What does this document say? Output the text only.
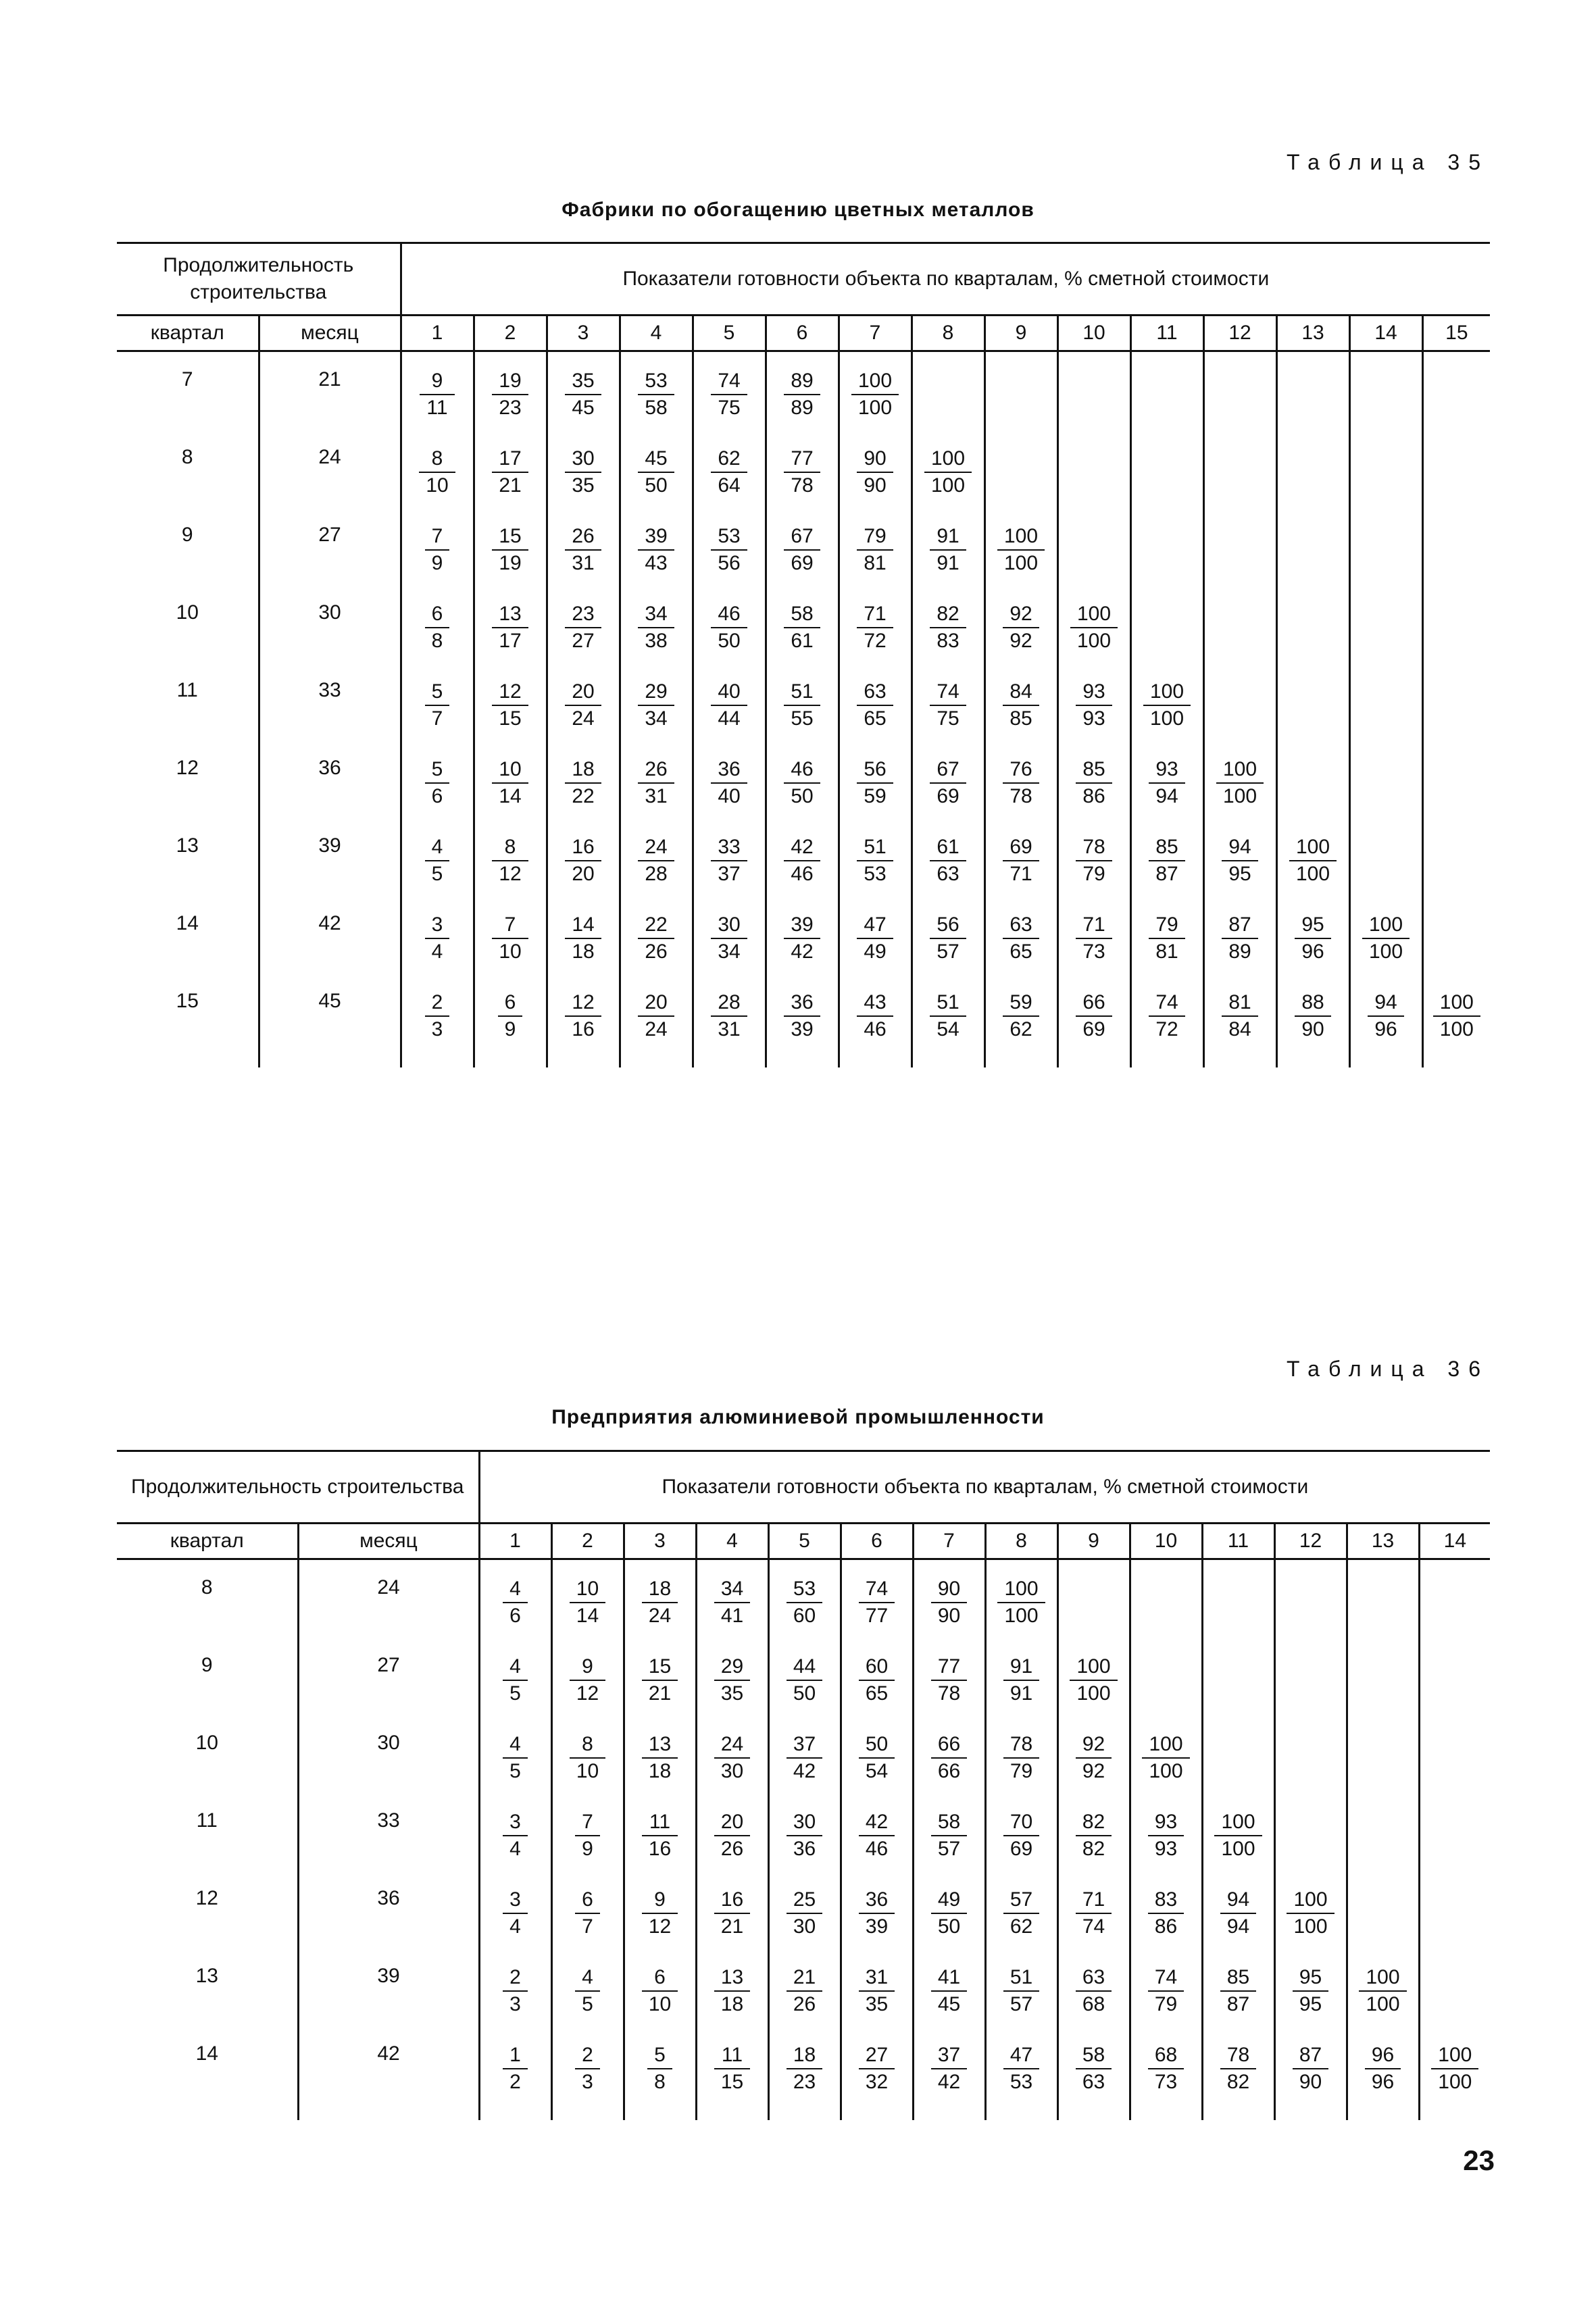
Таблица 35
Фабрики по обогащению цветных металлов
Продолжительность строительства		Показатели готовности объекта по кварталам, % сметной стоимости														
квартал	месяц	1	2	3	4	5	6	7	8	9	10	11	12	13	14	15

7	21	$\frac{9}{11}$	$\frac{19}{23}$	$\frac{35}{45}$	$\frac{53}{58}$	$\frac{74}{75}$	$\frac{89}{89}$	$\frac{100}{100}$

8	24	$\frac{8}{10}$	$\frac{17}{21}$	$\frac{30}{35}$	$\frac{45}{50}$	$\frac{62}{64}$	$\frac{77}{78}$	$\frac{90}{90}$	$\frac{100}{100}$

9	27	$\frac{7}{9}$	$\frac{15}{19}$	$\frac{26}{31}$	$\frac{39}{43}$	$\frac{53}{56}$	$\frac{67}{69}$	$\frac{79}{81}$	$\frac{91}{91}$	$\frac{100}{100}$

10	30	$\frac{6}{8}$	$\frac{13}{17}$	$\frac{23}{27}$	$\frac{34}{38}$	$\frac{46}{50}$	$\frac{58}{61}$	$\frac{71}{72}$	$\frac{82}{83}$	$\frac{92}{92}$	$\frac{100}{100}$

11	33	$\frac{5}{7}$	$\frac{12}{15}$	$\frac{20}{24}$	$\frac{29}{34}$	$\frac{40}{44}$	$\frac{51}{55}$	$\frac{63}{65}$	$\frac{74}{75}$	$\frac{84}{85}$	$\frac{93}{93}$	$\frac{100}{100}$

12	36	$\frac{5}{6}$	$\frac{10}{14}$	$\frac{18}{22}$	$\frac{26}{31}$	$\frac{36}{40}$	$\frac{46}{50}$	$\frac{56}{59}$	$\frac{67}{69}$	$\frac{76}{78}$	$\frac{85}{86}$	$\frac{93}{94}$	$\frac{100}{100}$

13	39	$\frac{4}{5}$	$\frac{8}{12}$	$\frac{16}{20}$	$\frac{24}{28}$	$\frac{33}{37}$	$\frac{42}{46}$	$\frac{51}{53}$	$\frac{61}{63}$	$\frac{69}{71}$	$\frac{78}{79}$	$\frac{85}{87}$	$\frac{94}{95}$	$\frac{100}{100}$

14	42	$\frac{3}{4}$	$\frac{7}{10}$	$\frac{14}{18}$	$\frac{22}{26}$	$\frac{30}{34}$	$\frac{39}{42}$	$\frac{47}{49}$	$\frac{56}{57}$	$\frac{63}{65}$	$\frac{71}{73}$	$\frac{79}{81}$	$\frac{87}{89}$	$\frac{95}{96}$	$\frac{100}{100}$

15	45	$\frac{2}{3}$	$\frac{6}{9}$	$\frac{12}{16}$	$\frac{20}{24}$	$\frac{28}{31}$	$\frac{36}{39}$	$\frac{43}{46}$	$\frac{51}{54}$	$\frac{59}{62}$	$\frac{66}{69}$	$\frac{74}{72}$	$\frac{81}{84}$	$\frac{88}{90}$	$\frac{94}{96}$	$\frac{100}{100}$
Таблица 36
Предприятия алюминиевой промышленности
Продолжительность строительства		Показатели готовности объекта по кварталам, % сметной стоимости													
квартал	месяц	1	2	3	4	5	6	7	8	9	10	11	12	13	14

8	24	$\frac{4}{6}$	$\frac{10}{14}$	$\frac{18}{24}$	$\frac{34}{41}$	$\frac{53}{60}$	$\frac{74}{77}$	$\frac{90}{90}$	$\frac{100}{100}$

9	27	$\frac{4}{5}$	$\frac{9}{12}$	$\frac{15}{21}$	$\frac{29}{35}$	$\frac{44}{50}$	$\frac{60}{65}$	$\frac{77}{78}$	$\frac{91}{91}$	$\frac{100}{100}$

10	30	$\frac{4}{5}$	$\frac{8}{10}$	$\frac{13}{18}$	$\frac{24}{30}$	$\frac{37}{42}$	$\frac{50}{54}$	$\frac{66}{66}$	$\frac{78}{79}$	$\frac{92}{92}$	$\frac{100}{100}$

11	33	$\frac{3}{4}$	$\frac{7}{9}$	$\frac{11}{16}$	$\frac{20}{26}$	$\frac{30}{36}$	$\frac{42}{46}$	$\frac{58}{57}$	$\frac{70}{69}$	$\frac{82}{82}$	$\frac{93}{93}$	$\frac{100}{100}$

12	36	$\frac{3}{4}$	$\frac{6}{7}$	$\frac{9}{12}$	$\frac{16}{21}$	$\frac{25}{30}$	$\frac{36}{39}$	$\frac{49}{50}$	$\frac{57}{62}$	$\frac{71}{74}$	$\frac{83}{86}$	$\frac{94}{94}$	$\frac{100}{100}$

13	39	$\frac{2}{3}$	$\frac{4}{5}$	$\frac{6}{10}$	$\frac{13}{18}$	$\frac{21}{26}$	$\frac{31}{35}$	$\frac{41}{45}$	$\frac{51}{57}$	$\frac{63}{68}$	$\frac{74}{79}$	$\frac{85}{87}$	$\frac{95}{95}$	$\frac{100}{100}$

14	42	$\frac{1}{2}$	$\frac{2}{3}$	$\frac{5}{8}$	$\frac{11}{15}$	$\frac{18}{23}$	$\frac{27}{32}$	$\frac{37}{42}$	$\frac{47}{53}$	$\frac{58}{63}$	$\frac{68}{73}$	$\frac{78}{82}$	$\frac{87}{90}$	$\frac{96}{96}$	$\frac{100}{100}$
23
